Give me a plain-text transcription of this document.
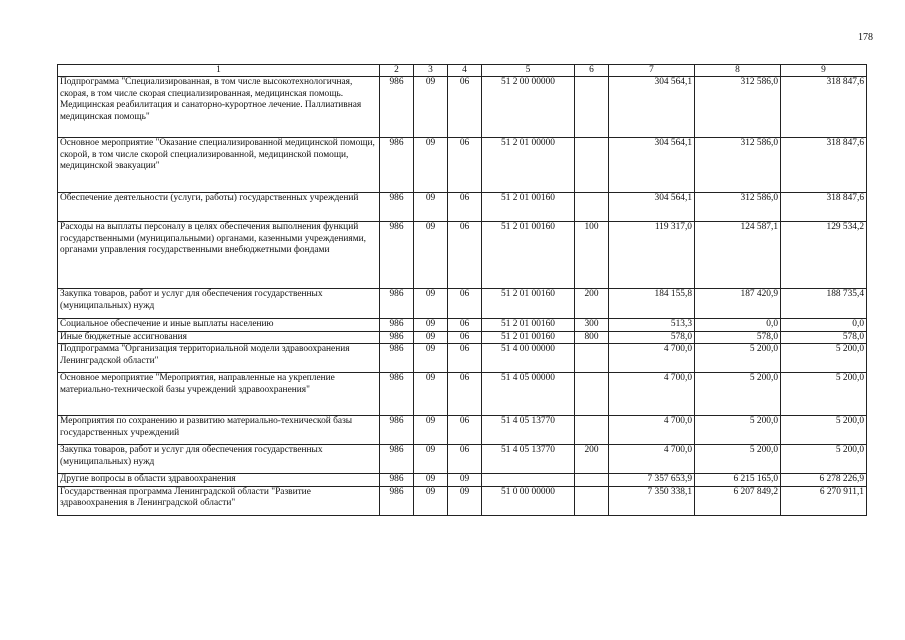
178
1	2	3	4	5	6	7	8	9
Подпрограмма "Специализированная, в том числе высокотехнологичная, скорая, в том числе скорая специализированная, медицинская помощь. Медицинская реабилитация и санаторно-курортное лечение. Паллиативная медицинская помощь"	986	09	06	51 2 00 00000		304 564,1	312 586,0	318 847,6
Основное мероприятие "Оказание специализированной медицинской помощи, скорой, в том числе скорой специализированной, медицинской помощи, медицинской эвакуации"	986	09	06	51 2 01 00000		304 564,1	312 586,0	318 847,6
Обеспечение деятельности (услуги, работы) государственных учреждений	986	09	06	51 2 01 00160		304 564,1	312 586,0	318 847,6
Расходы на выплаты персоналу в целях обеспечения выполнения функций государственными (муниципальными) органами, казенными учреждениями, органами управления государственными внебюджетными фондами	986	09	06	51 2 01 00160	100	119 317,0	124 587,1	129 534,2
Закупка товаров, работ и услуг для обеспечения государственных (муниципальных) нужд	986	09	06	51 2 01 00160	200	184 155,8	187 420,9	188 735,4
Социальное обеспечение и иные выплаты населению	986	09	06	51 2 01 00160	300	513,3	0,0	0,0
Иные бюджетные ассигнования	986	09	06	51 2 01 00160	800	578,0	578,0	578,0
Подпрограмма "Организация территориальной модели здравоохранения Ленинградской области"	986	09	06	51 4 00 00000		4 700,0	5 200,0	5 200,0
Основное мероприятие "Мероприятия, направленные на укрепление материально-технической базы учреждений здравоохранения"	986	09	06	51 4 05 00000		4 700,0	5 200,0	5 200,0
Мероприятия по сохранению и развитию материально-технической базы государственных учреждений	986	09	06	51 4 05 13770		4 700,0	5 200,0	5 200,0
Закупка товаров, работ и услуг для обеспечения государственных (муниципальных) нужд	986	09	06	51 4 05 13770	200	4 700,0	5 200,0	5 200,0
Другие вопросы в области здравоохранения	986	09	09			7 357 653,9	6 215 165,0	6 278 226,9
Государственная программа Ленинградской области "Развитие здравоохранения в Ленинградской области"	986	09	09	51 0 00 00000		7 350 338,1	6 207 849,2	6 270 911,1
